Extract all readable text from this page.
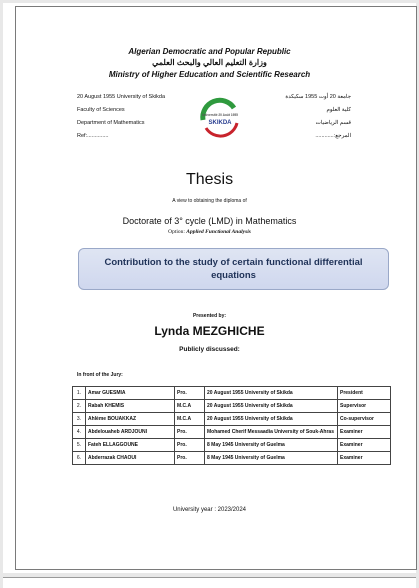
Algerian Democratic and Popular Republic
وزارة التعليم العالي والبحث العلمي
Ministry of Higher Education and Scientific Research
20 August 1955 University of Skikda
Faculty of Sciences
Department of Mathematics
Ref:..............
جامعة 20 أوت 1955 سكيكدة
كلية العلوم
قسم الرياضيات
المرجع:............
Université 20 Août 1955
SKIKDA
Thesis
A view to obtaining the diploma of
Doctorate of 3° cycle (LMD) in Mathematics
Option: Applied Functional Analysis
Contribution to the study of certain functional differential equations
Presented by:
Lynda MEZGHICHE
Publicly discussed:
In front of the Jury:
1.	Amar GUESMIA	Pro.	20 August 1955 University of Skikda	President
2.	Rabah KHEMIS	M.C.A	20 August 1955 University of Skikda	Supervisor
3.	Ahlème BOUAKKAZ	M.C.A	20 August 1955 University of Skikda	Co-supervisor
4.	Abdelouaheb ARDJOUNI	Pro.	Mohamed Cherif Messaadia University of Souk-Ahras	Examiner
5.	Fateh ELLAGGOUNE	Pro.	8 May 1945 University of Guelma	Examiner
6.	Abderrazak CHAOUI	Pro.	8 May 1945 University of Guelma	Examiner
University year : 2023/2024
